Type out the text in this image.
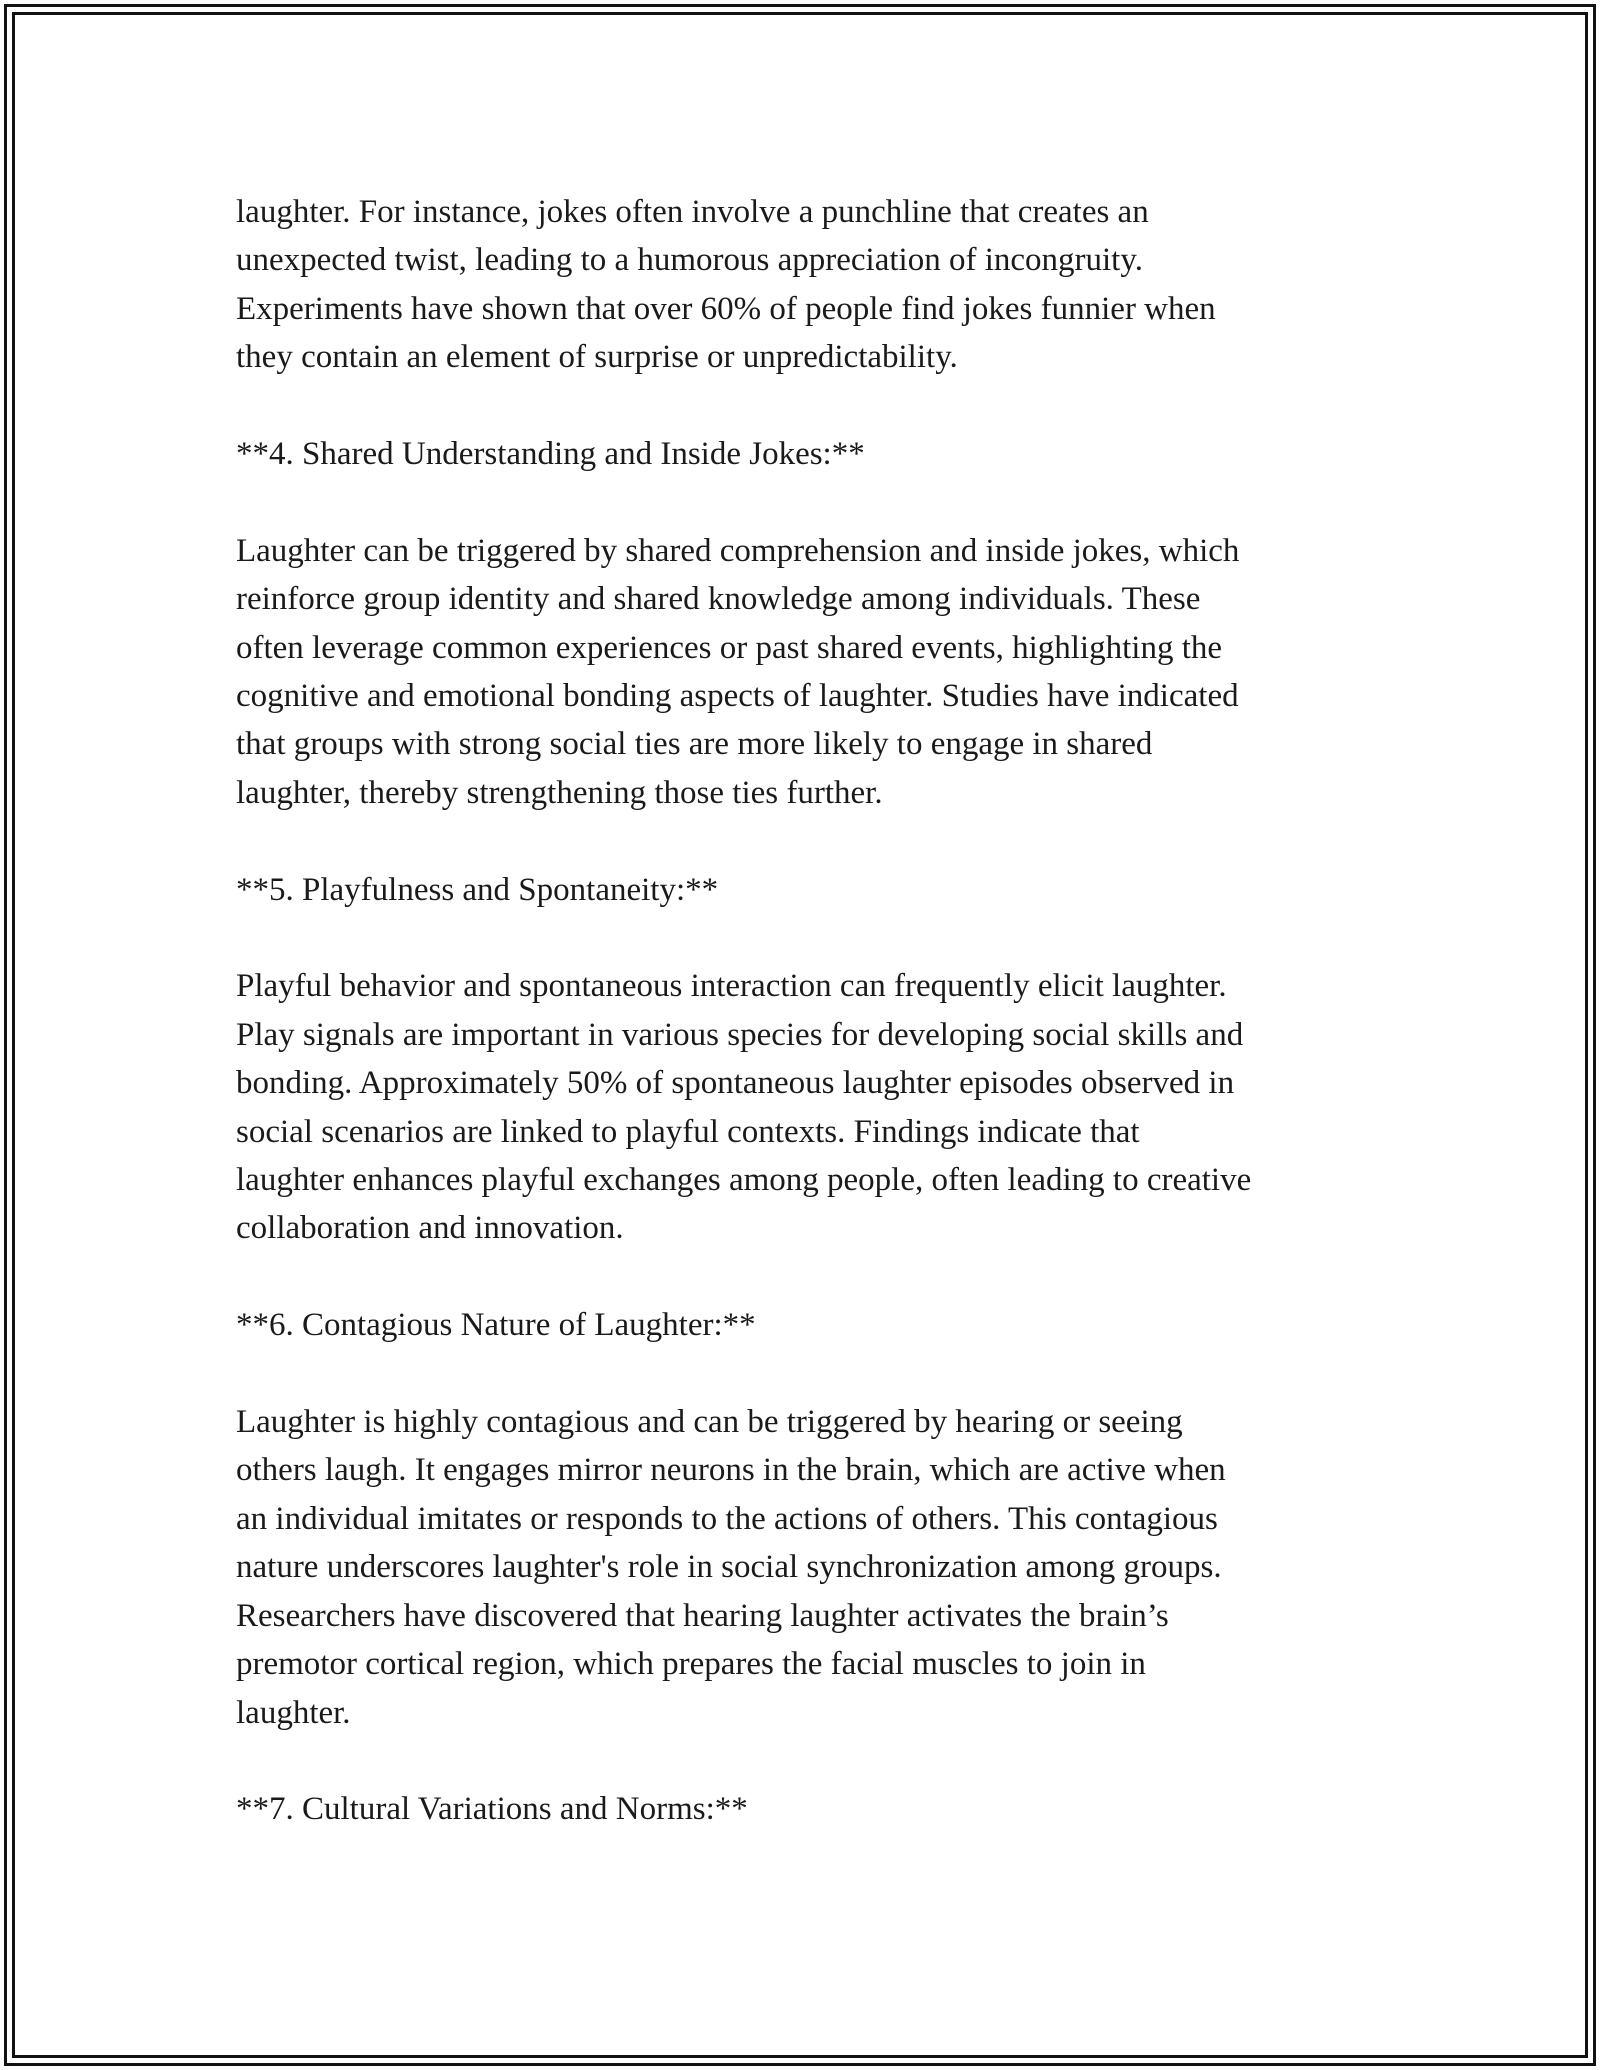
laughter. For instance, jokes often involve a punchline that creates an
unexpected twist, leading to a humorous appreciation of incongruity.
Experiments have shown that over 60% of people find jokes funnier when
they contain an element of surprise or unpredictability.

**4. Shared Understanding and Inside Jokes:**

Laughter can be triggered by shared comprehension and inside jokes, which
reinforce group identity and shared knowledge among individuals. These
often leverage common experiences or past shared events, highlighting the
cognitive and emotional bonding aspects of laughter. Studies have indicated
that groups with strong social ties are more likely to engage in shared
laughter, thereby strengthening those ties further.

**5. Playfulness and Spontaneity:**

Playful behavior and spontaneous interaction can frequently elicit laughter.
Play signals are important in various species for developing social skills and
bonding. Approximately 50% of spontaneous laughter episodes observed in
social scenarios are linked to playful contexts. Findings indicate that
laughter enhances playful exchanges among people, often leading to creative
collaboration and innovation.

**6. Contagious Nature of Laughter:**

Laughter is highly contagious and can be triggered by hearing or seeing
others laugh. It engages mirror neurons in the brain, which are active when
an individual imitates or responds to the actions of others. This contagious
nature underscores laughter's role in social synchronization among groups.
Researchers have discovered that hearing laughter activates the brain’s
premotor cortical region, which prepares the facial muscles to join in
laughter.

**7. Cultural Variations and Norms:**
